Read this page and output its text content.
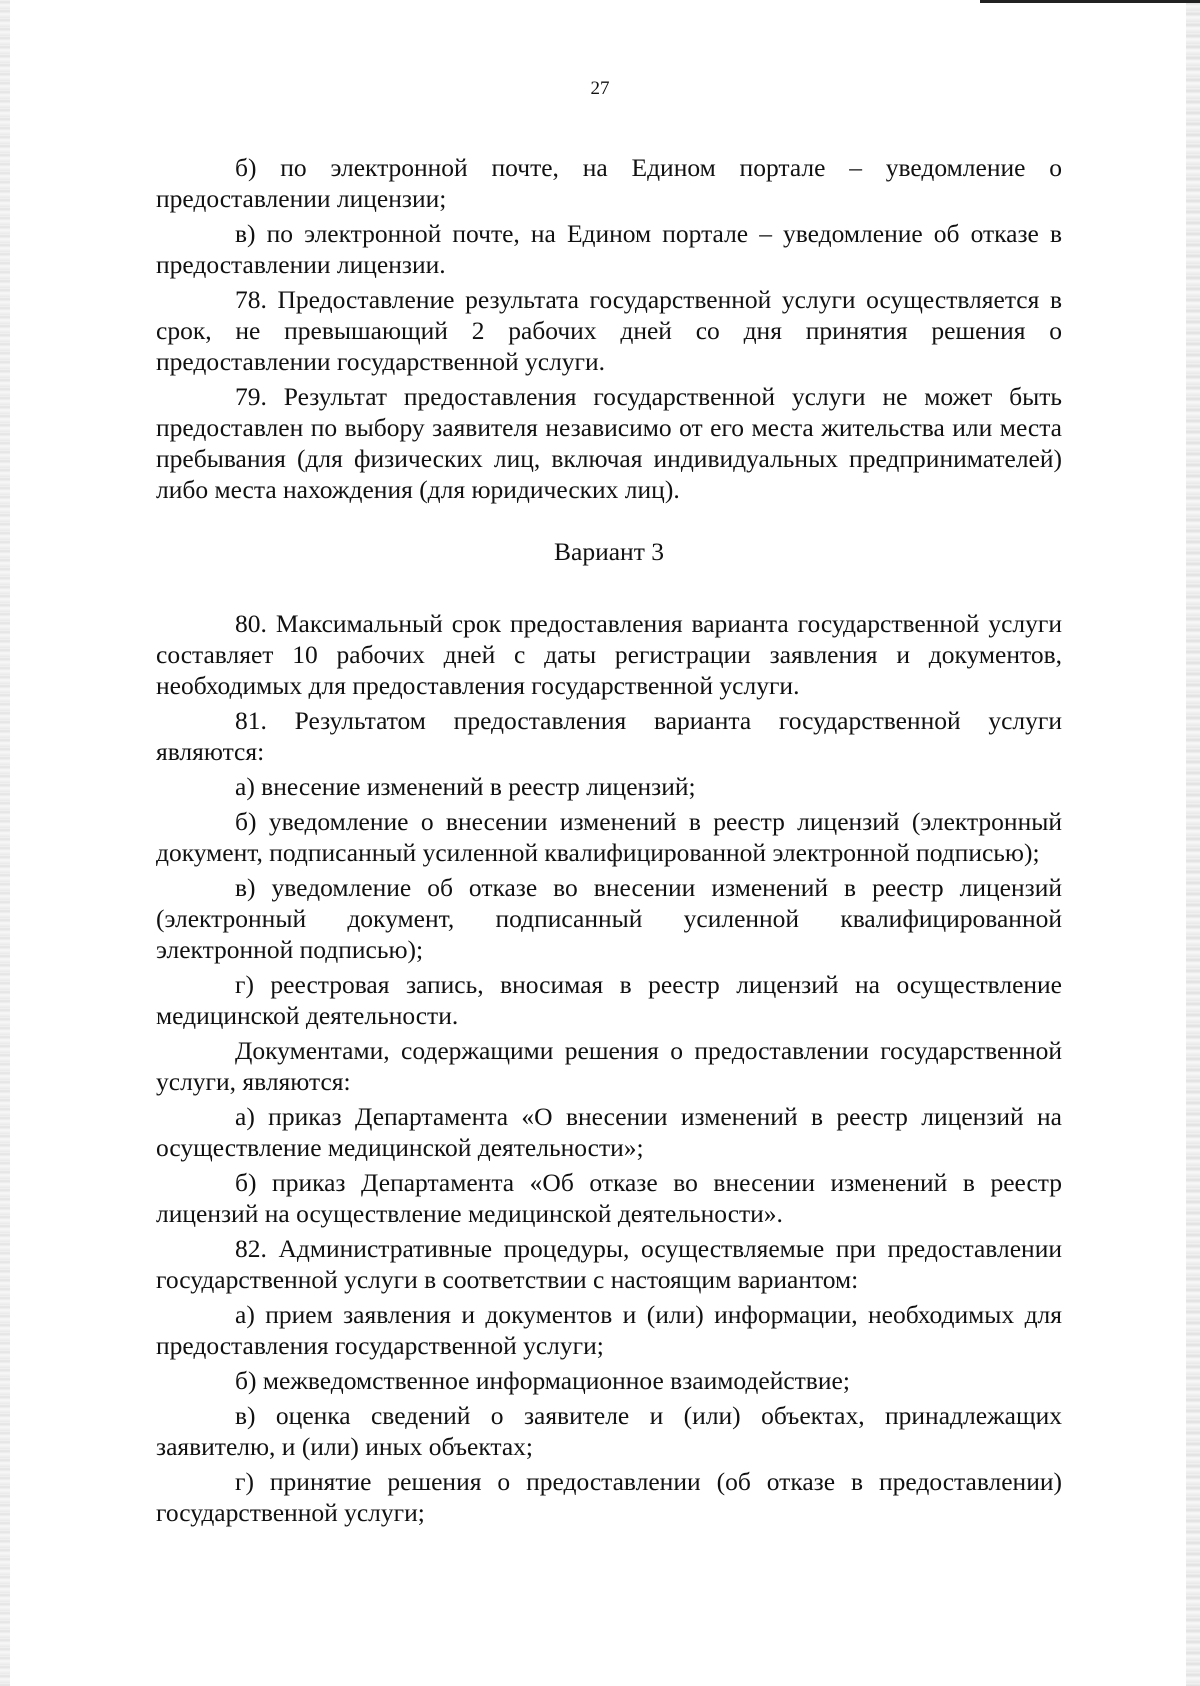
27

б) по электронной почте, на Едином портале – уведомление о предоставлении лицензии;

в) по электронной почте, на Едином портале – уведомление об отказе в предоставлении лицензии.

78. Предоставление результата государственной услуги осуществляется в срок, не превышающий 2 рабочих дней со дня принятия решения о предоставлении государственной услуги.

79. Результат предоставления государственной услуги не может быть предоставлен по выбору заявителя независимо от его места жительства или места пребывания (для физических лиц, включая индивидуальных предпринимателей) либо места нахождения (для юридических лиц).

Вариант 3

80. Максимальный срок предоставления варианта государственной услуги составляет 10 рабочих дней с даты регистрации заявления и документов, необходимых для предоставления государственной услуги.

81. Результатом предоставления варианта государственной услуги являются:

а) внесение изменений в реестр лицензий;

б) уведомление о внесении изменений в реестр лицензий (электронный документ, подписанный усиленной квалифицированной электронной подписью);

в) уведомление об отказе во внесении изменений в реестр лицензий (электронный документ, подписанный усиленной квалифицированной электронной подписью);

г) реестровая запись, вносимая в реестр лицензий на осуществление медицинской деятельности.

Документами, содержащими решения о предоставлении государственной услуги, являются:

а) приказ Департамента «О внесении изменений в реестр лицензий на осуществление медицинской деятельности»;

б) приказ Департамента «Об отказе во внесении изменений в реестр лицензий на осуществление медицинской деятельности».

82. Административные процедуры, осуществляемые при предоставлении государственной услуги в соответствии с настоящим вариантом:

а) прием заявления и документов и (или) информации, необходимых для предоставления государственной услуги;

б) межведомственное информационное взаимодействие;

в) оценка сведений о заявителе и (или) объектах, принадлежащих заявителю, и (или) иных объектах;

г) принятие решения о предоставлении (об отказе в предоставлении) государственной услуги;
